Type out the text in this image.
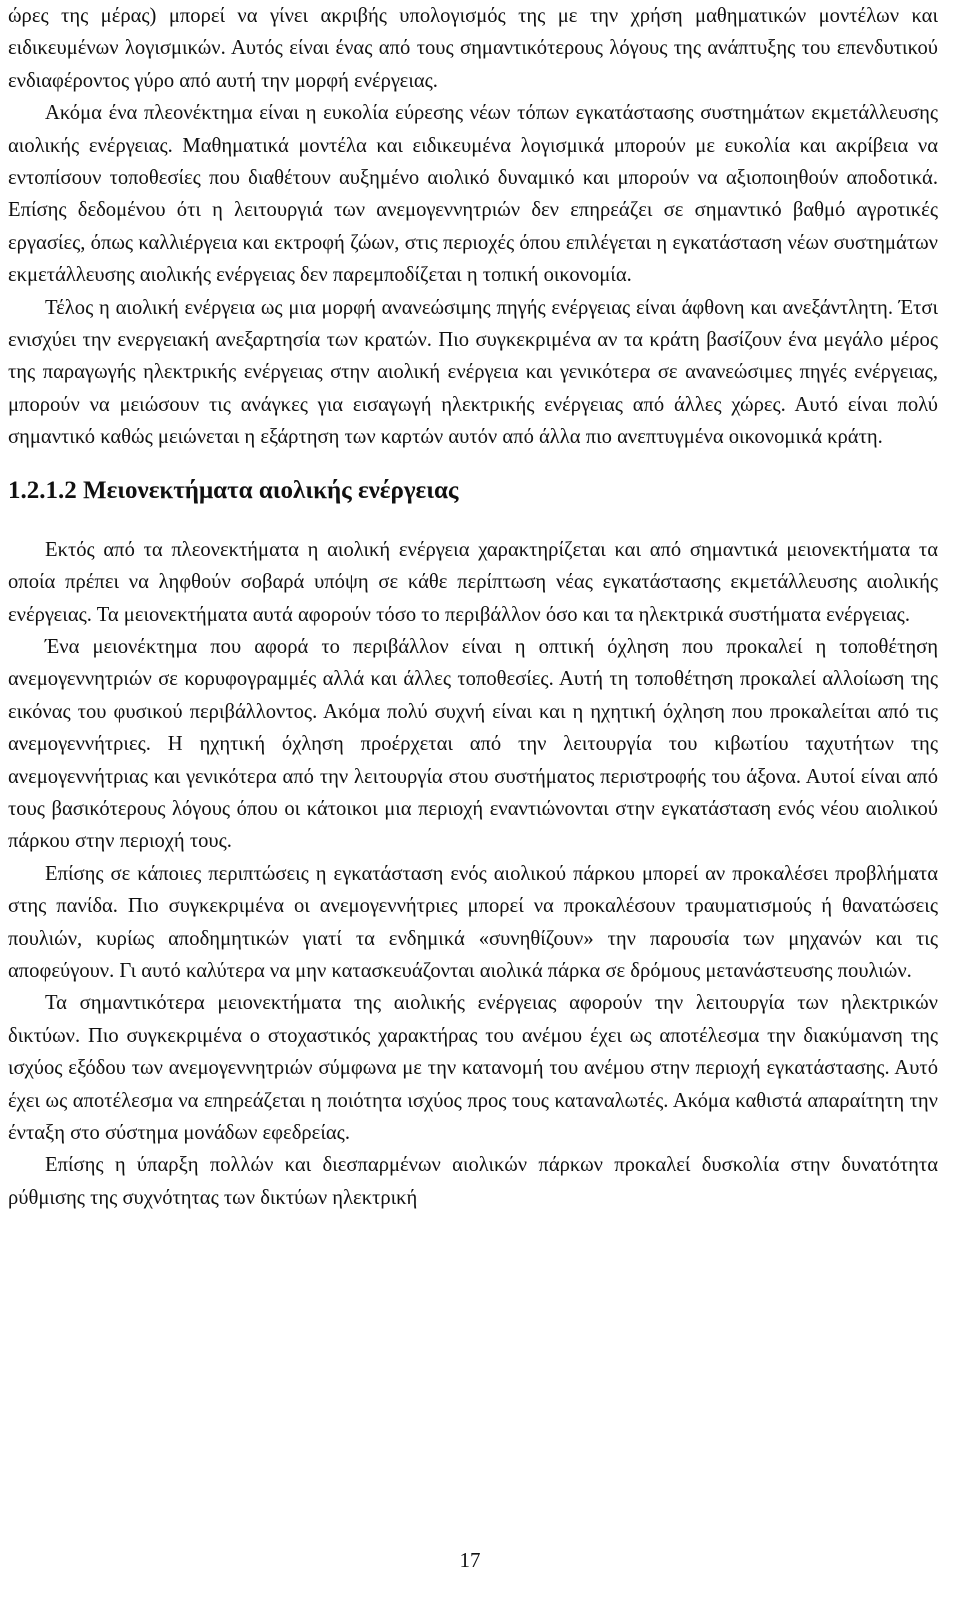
ώρες της μέρας) μπορεί να γίνει ακριβής υπολογισμός της με την χρήση μαθηματικών μοντέλων και ειδικευμένων λογισμικών. Αυτός είναι ένας από τους σημαντικότερους λόγους της ανάπτυξης του επενδυτικού ενδιαφέροντος γύρο από αυτή την μορφή ενέργειας.

Ακόμα ένα πλεονέκτημα είναι η ευκολία εύρεσης νέων τόπων εγκατάστασης συστημάτων εκμετάλλευσης αιολικής ενέργειας. Μαθηματικά μοντέλα και ειδικευμένα λογισμικά μπορούν με ευκολία και ακρίβεια να εντοπίσουν τοποθεσίες που διαθέτουν αυξημένο αιολικό δυναμικό και μπορούν να αξιοποιηθούν αποδοτικά. Επίσης δεδομένου ότι η λειτουργιά των ανεμογεννητριών δεν επηρεάζει σε σημαντικό βαθμό αγροτικές εργασίες, όπως καλλιέργεια και εκτροφή ζώων, στις περιοχές όπου επιλέγεται η εγκατάσταση νέων συστημάτων εκμετάλλευσης αιολικής ενέργειας δεν παρεμποδίζεται η τοπική οικονομία.

Τέλος η αιολική ενέργεια ως μια μορφή ανανεώσιμης πηγής ενέργειας είναι άφθονη και ανεξάντλητη. Έτσι ενισχύει την ενεργειακή ανεξαρτησία των κρατών. Πιο συγκεκριμένα αν τα κράτη βασίζουν ένα μεγάλο μέρος της παραγωγής ηλεκτρικής ενέργειας στην αιολική ενέργεια και γενικότερα σε ανανεώσιμες πηγές ενέργειας, μπορούν να μειώσουν τις ανάγκες για εισαγωγή ηλεκτρικής ενέργειας από άλλες χώρες. Αυτό είναι πολύ σημαντικό καθώς μειώνεται η εξάρτηση των καρτών αυτόν από άλλα πιο ανεπτυγμένα οικονομικά κράτη.

1.2.1.2 Μειονεκτήματα αιολικής ενέργειας

Εκτός από τα πλεονεκτήματα η αιολική ενέργεια χαρακτηρίζεται και από σημαντικά μειονεκτήματα τα οποία πρέπει να ληφθούν σοβαρά υπόψη σε κάθε περίπτωση νέας εγκατάστασης εκμετάλλευσης αιολικής ενέργειας. Τα μειονεκτήματα αυτά αφορούν τόσο το περιβάλλον όσο και τα ηλεκτρικά συστήματα ενέργειας.

Ένα μειονέκτημα που αφορά το περιβάλλον είναι η οπτική όχληση που προκαλεί η τοποθέτηση ανεμογεννητριών σε κορυφογραμμές αλλά και άλλες τοποθεσίες. Αυτή τη τοποθέτηση προκαλεί αλλοίωση της εικόνας του φυσικού περιβάλλοντος. Ακόμα πολύ συχνή είναι και η ηχητική όχληση που προκαλείται από τις ανεμογεννήτριες. Η ηχητική όχληση προέρχεται από την λειτουργία του κιβωτίου ταχυτήτων της ανεμογεννήτριας και γενικότερα από την λειτουργία στου συστήματος περιστροφής του άξονα. Αυτοί είναι από τους βασικότερους λόγους όπου οι κάτοικοι μια περιοχή εναντιώνονται στην εγκατάσταση ενός νέου αιολικού πάρκου στην περιοχή τους.

Επίσης σε κάποιες περιπτώσεις η εγκατάσταση ενός αιολικού πάρκου μπορεί αν προκαλέσει προβλήματα στης πανίδα. Πιο συγκεκριμένα οι ανεμογεννήτριες μπορεί να προκαλέσουν τραυματισμούς ή θανατώσεις πουλιών, κυρίως αποδημητικών γιατί τα ενδημικά «συνηθίζουν» την παρουσία των μηχανών και τις αποφεύγουν. Γι αυτό καλύτερα να μην κατασκευάζονται αιολικά πάρκα σε δρόμους μετανάστευσης πουλιών.

Τα σημαντικότερα μειονεκτήματα της αιολικής ενέργειας αφορούν την λειτουργία των ηλεκτρικών δικτύων. Πιο συγκεκριμένα ο στοχαστικός χαρακτήρας του ανέμου έχει ως αποτέλεσμα την διακύμανση της ισχύος εξόδου των ανεμογεννητριών σύμφωνα με την κατανομή του ανέμου στην περιοχή εγκατάστασης. Αυτό έχει ως αποτέλεσμα να επηρεάζεται η ποιότητα ισχύος προς τους καταναλωτές. Ακόμα καθιστά απαραίτητη την ένταξη στο σύστημα μονάδων εφεδρείας.

Επίσης η ύπαρξη πολλών και διεσπαρμένων αιολικών πάρκων προκαλεί δυσκολία στην δυνατότητα ρύθμισης της συχνότητας των δικτύων ηλεκτρική

17
